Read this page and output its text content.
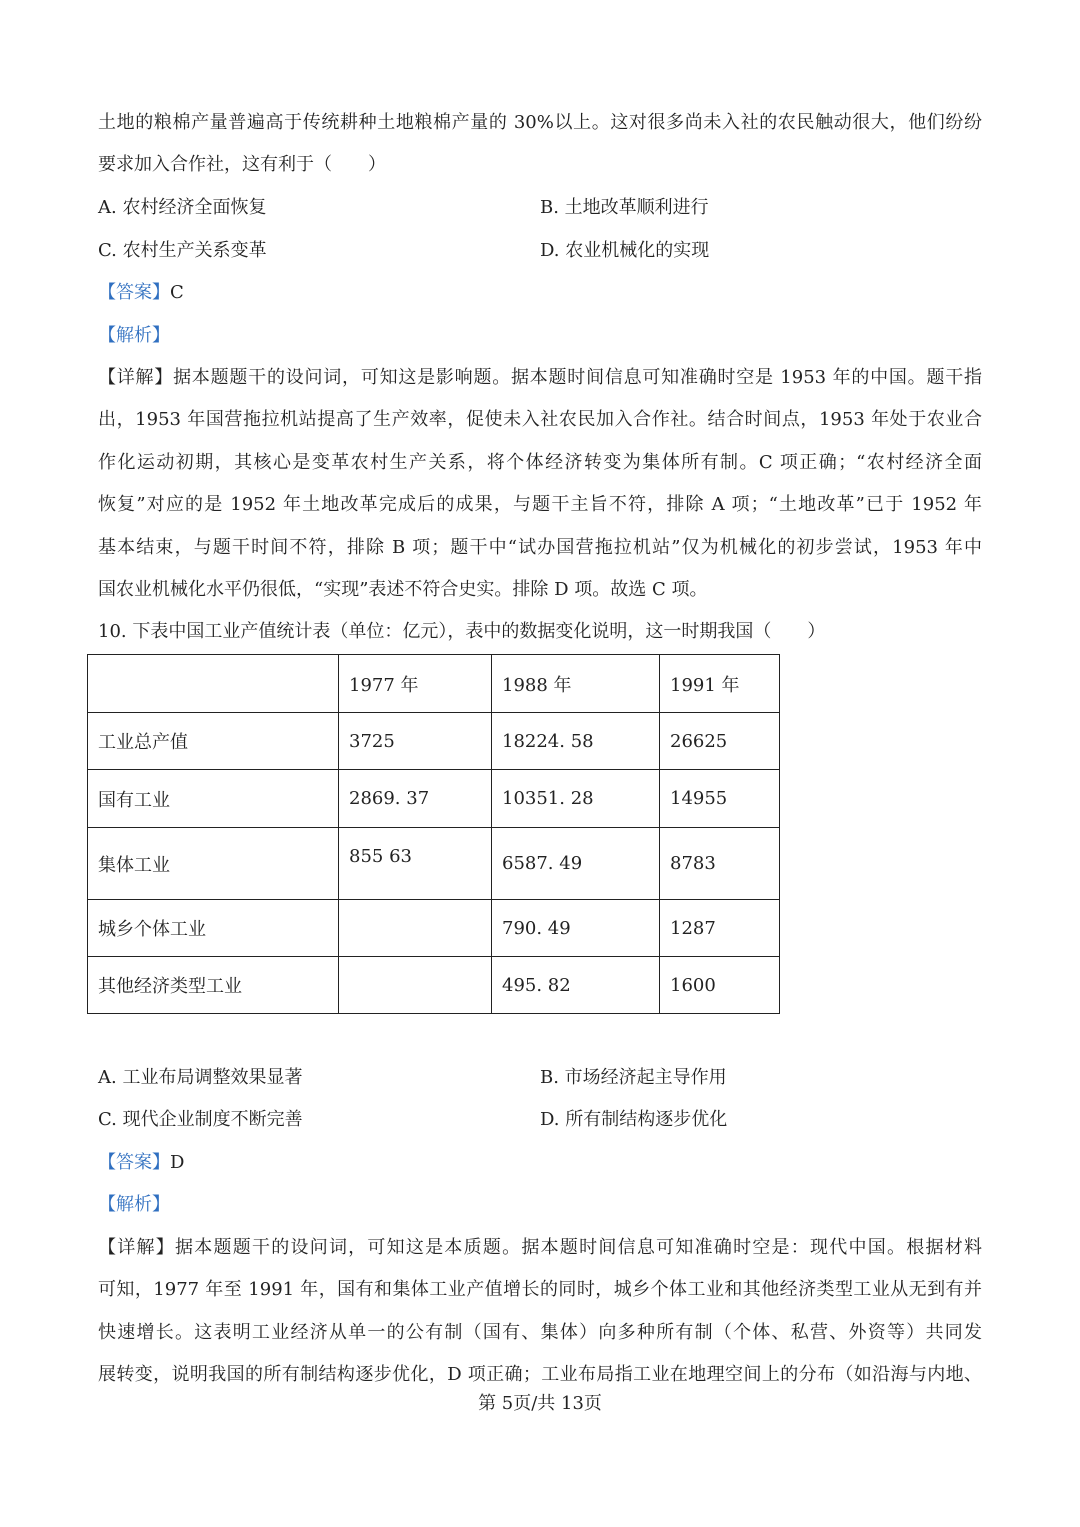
土地的粮棉产量普遍高于传统耕种土地粮棉产量的 30%以上。这对很多尚未入社的农民触动很大，他们纷纷
要求加入合作社，这有利于（　　）
A. 农村经济全面恢复	B. 土地改革顺利进行
C. 农村生产关系变革	D. 农业机械化的实现
【答案】C
【解析】
【详解】据本题题干的设问词，可知这是影响题。据本题时间信息可知准确时空是 1953 年的中国。题干指
出，1953 年国营拖拉机站提高了生产效率，促使未入社农民加入合作社。结合时间点，1953 年处于农业合
作化运动初期，其核心是变革农村生产关系，将个体经济转变为集体所有制。C 项正确；“农村经济全面
恢复”对应的是 1952 年土地改革完成后的成果，与题干主旨不符，排除 A 项；“土地改革”已于 1952 年
基本结束，与题干时间不符，排除 B 项；题干中“试办国营拖拉机站”仅为机械化的初步尝试，1953 年中
国农业机械化水平仍很低，“实现”表述不符合史实。排除 D 项。故选 C 项。
10. 下表中国工业产值统计表（单位：亿元），表中的数据变化说明，这一时期我国（　　）
	1977 年	1988 年	1991 年
工业总产值	3725	18224. 58	26625
国有工业	2869. 37	10351. 28	14955
集体工业	855 63	6587. 49	8783
城乡个体工业		790. 49	1287
其他经济类型工业		495. 82	1600
A. 工业布局调整效果显著	B. 市场经济起主导作用
C. 现代企业制度不断完善	D. 所有制结构逐步优化
【答案】D
【解析】
【详解】据本题题干的设问词，可知这是本质题。据本题时间信息可知准确时空是：现代中国。根据材料
可知，1977 年至 1991 年，国有和集体工业产值增长的同时，城乡个体工业和其他经济类型工业从无到有并
快速增长。这表明工业经济从单一的公有制（国有、集体）向多种所有制（个体、私营、外资等）共同发
展转变，说明我国的所有制结构逐步优化，D 项正确；工业布局指工业在地理空间上的分布（如沿海与内地、
第 5页/共 13页
